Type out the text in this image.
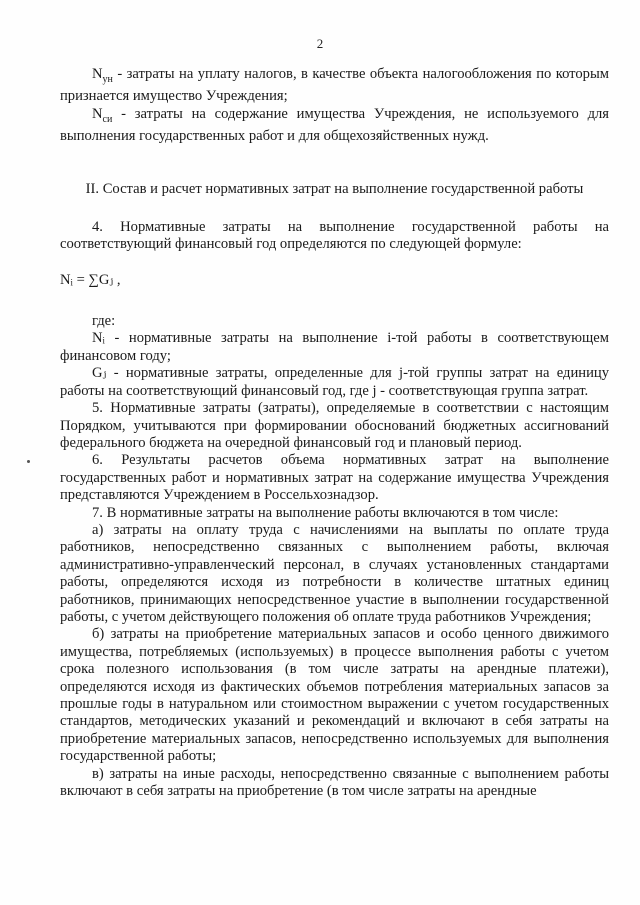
2

$N_{ун}$ - затраты на уплату налогов, в качестве объекта налогообложения по которым признается имущество Учреждения;

$N_{си}$ - затраты на содержание имущества Учреждения, не используемого для выполнения государственных работ и для общехозяйственных нужд.

II. Состав и расчет нормативных затрат на выполнение государственной работы

4. Нормативные затраты на выполнение государственной работы на соответствующий финансовый год определяются по следующей формуле:

Nᵢ = ∑Gⱼ ,

где:

Nᵢ - нормативные затраты на выполнение i-той работы в соответствующем финансовом году;

Gⱼ - нормативные затраты, определенные для j-той группы затрат на единицу работы на соответствующий финансовый год, где j - соответствующая группа затрат.

5. Нормативные затраты (затраты), определяемые в соответствии с настоящим Порядком, учитываются при формировании обоснований бюджетных ассигнований федерального бюджета на очередной финансовый год и плановый период.

6. Результаты расчетов объема нормативных затрат на выполнение государственных работ и нормативных затрат на содержание имущества Учреждения представляются Учреждением в Россельхознадзор.

7. В нормативные затраты на выполнение работы включаются в том числе:

а) затраты на оплату труда с начислениями на выплаты по оплате труда работников, непосредственно связанных с выполнением работы, включая административно-управленческий персонал, в случаях установленных стандартами работы, определяются исходя из потребности в количестве штатных единиц работников, принимающих непосредственное участие в выполнении государственной работы, с учетом действующего положения об оплате труда работников Учреждения;

б) затраты на приобретение материальных запасов и особо ценного движимого имущества, потребляемых (используемых) в процессе выполнения работы с учетом срока полезного использования (в том числе затраты на арендные платежи), определяются исходя из фактических объемов потребления материальных запасов за прошлые годы в натуральном или стоимостном выражении с учетом государственных стандартов, методических указаний и рекомендаций и включают в себя затраты на приобретение материальных запасов, непосредственно используемых для выполнения государственной работы;

в) затраты на иные расходы, непосредственно связанные с выполнением работы включают в себя затраты на приобретение (в том числе затраты на арендные
